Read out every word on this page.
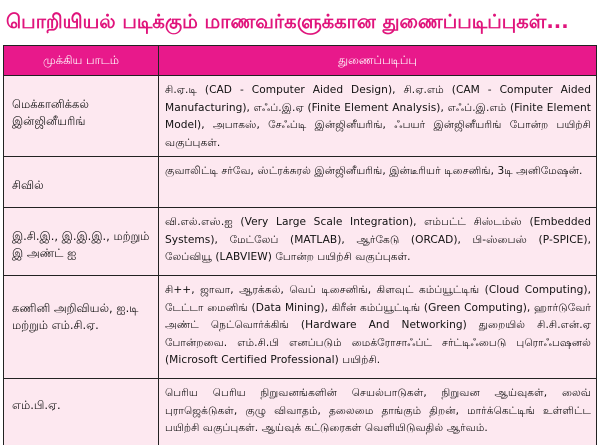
பொறியியல் படிக்கும் மாணவர்களுக்கான துணைப்படிப்புகள்...
முக்கிய பாடம்	துணைப்படிப்பு
மெக்கானிக்கல் இன்ஜினீயரிங்	சி.ஏ.டி (CAD - Computer Aided Design), சி.ஏ.எம் (CAM - Computer Aided Manufacturing), எஃப்.இ.ஏ (Finite Element Analysis), எஃப்.இ.எம் (Finite Element Model), அபாகஸ், சேஃப்டி இன்ஜினீயரிங், ஃபயர் இன்ஜினீயரிங் போன்ற பயிற்சி வகுப்புகள்.
சிவில்	குவாலிட்டி சர்வே, ஸ்ட்ரக்சுரல் இன்ஜினீயரிங், இன்டீரியர் டிசைனிங், 3டி அனிமேஷன்.
இ.சி.இ., இ.இ.இ., மற்றும் இ அண்ட் ஐ	வி.எல்.எஸ்.ஐ (Very Large Scale Integration), எம்பட்ட் சிஸ்டம்ஸ் (Embedded Systems), மேட்லேப் (MATLAB), ஆர்கேடு (ORCAD), பி-ஸ்பைஸ் (P-SPICE), லேப்வியூ (LABVIEW) போன்ற பயிற்சி வகுப்புகள்.
கணினி அறிவியல், ஐ.டி மற்றும் எம்.சி.ஏ.	சி++, ஜாவா, ஆரக்கல், வெப் டிசைனிங், கிளவுட் கம்ப்யூட்டிங் (Cloud Computing), டேட்டா மைனிங் (Data Mining), கிரீன் கம்ப்யூட்டிங் (Green Computing), ஹார்டுவேர் அண்ட் நெட்வொர்க்கிங் (Hardware And Networking) துறையில் சி.சி.என்.ஏ போன்றவை. எம்.சி.பி எனப்படும் மைக்ரோசாஃப்ட் சர்ட்டிஃபைடு புரொஃபஷனல் (Microsoft Certified Professional) பயிற்சி.
எம்.பி.ஏ.	பெரிய பெரிய நிறுவனங்களின் செயல்பாடுகள், நிறுவன ஆய்வுகள், லைவ் புராஜெக்டுகள், குழு விவாதம், தலைமை தாங்கும் திறன், மார்க்கெட்டிங் உள்ளிட்ட பயிற்சி வகுப்புகள். ஆய்வுக் கட்டுரைகள் வெளியிடுவதில் ஆர்வம்.
